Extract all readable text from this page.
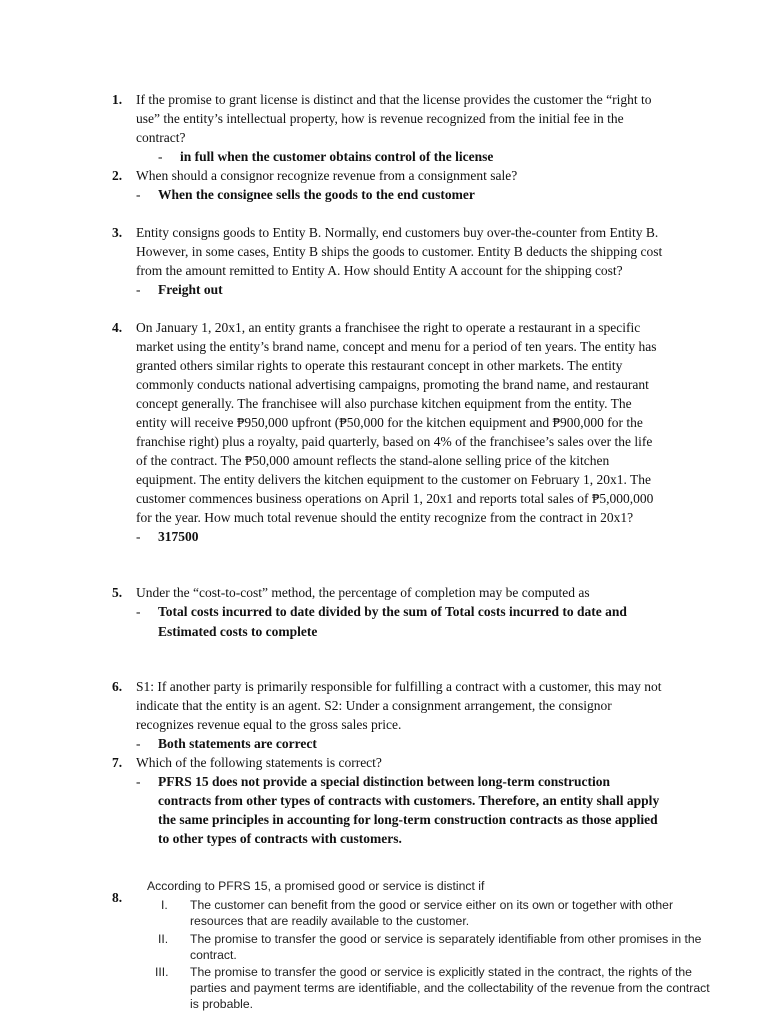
1. If the promise to grant license is distinct and that the license provides the customer the “right to
use” the entity’s intellectual property, how is revenue recognized from the initial fee in the
contract?
- in full when the customer obtains control of the license
2. When should a consignor recognize revenue from a consignment sale?
- When the consignee sells the goods to the end customer
3. Entity consigns goods to Entity B. Normally, end customers buy over-the-counter from Entity B.
However, in some cases, Entity B ships the goods to customer. Entity B deducts the shipping cost
from the amount remitted to Entity A. How should Entity A account for the shipping cost?
- Freight out
4. On January 1, 20x1, an entity grants a franchisee the right to operate a restaurant in a specific
market using the entity’s brand name, concept and menu for a period of ten years. The entity has
granted others similar rights to operate this restaurant concept in other markets. The entity
commonly conducts national advertising campaigns, promoting the brand name, and restaurant
concept generally. The franchisee will also purchase kitchen equipment from the entity. The
entity will receive ₱950,000 upfront (₱50,000 for the kitchen equipment and ₱900,000 for the
franchise right) plus a royalty, paid quarterly, based on 4% of the franchisee’s sales over the life
of the contract. The ₱50,000 amount reflects the stand-alone selling price of the kitchen
equipment. The entity delivers the kitchen equipment to the customer on February 1, 20x1. The
customer commences business operations on April 1, 20x1 and reports total sales of ₱5,000,000
for the year. How much total revenue should the entity recognize from the contract in 20x1?
- 317500
5. Under the “cost-to-cost” method, the percentage of completion may be computed as
- Total costs incurred to date divided by the sum of Total costs incurred to date and
Estimated costs to complete
6. S1: If another party is primarily responsible for fulfilling a contract with a customer, this may not
indicate that the entity is an agent. S2: Under a consignment arrangement, the consignor
recognizes revenue equal to the gross sales price.
- Both statements are correct
7. Which of the following statements is correct?
- PFRS 15 does not provide a special distinction between long-term construction
contracts from other types of contracts with customers. Therefore, an entity shall apply
the same principles in accounting for long-term construction contracts as those applied
to other types of contracts with customers.
8.
According to PFRS 15, a promised good or service is distinct if
I. The customer can benefit from the good or service either on its own or together with other
resources that are readily available to the customer.
II. The promise to transfer the good or service is separately identifiable from other promises in the
contract.
III. The promise to transfer the good or service is explicitly stated in the contract, the rights of the
parties and payment terms are identifiable, and the collectability of the revenue from the contract
is probable.
